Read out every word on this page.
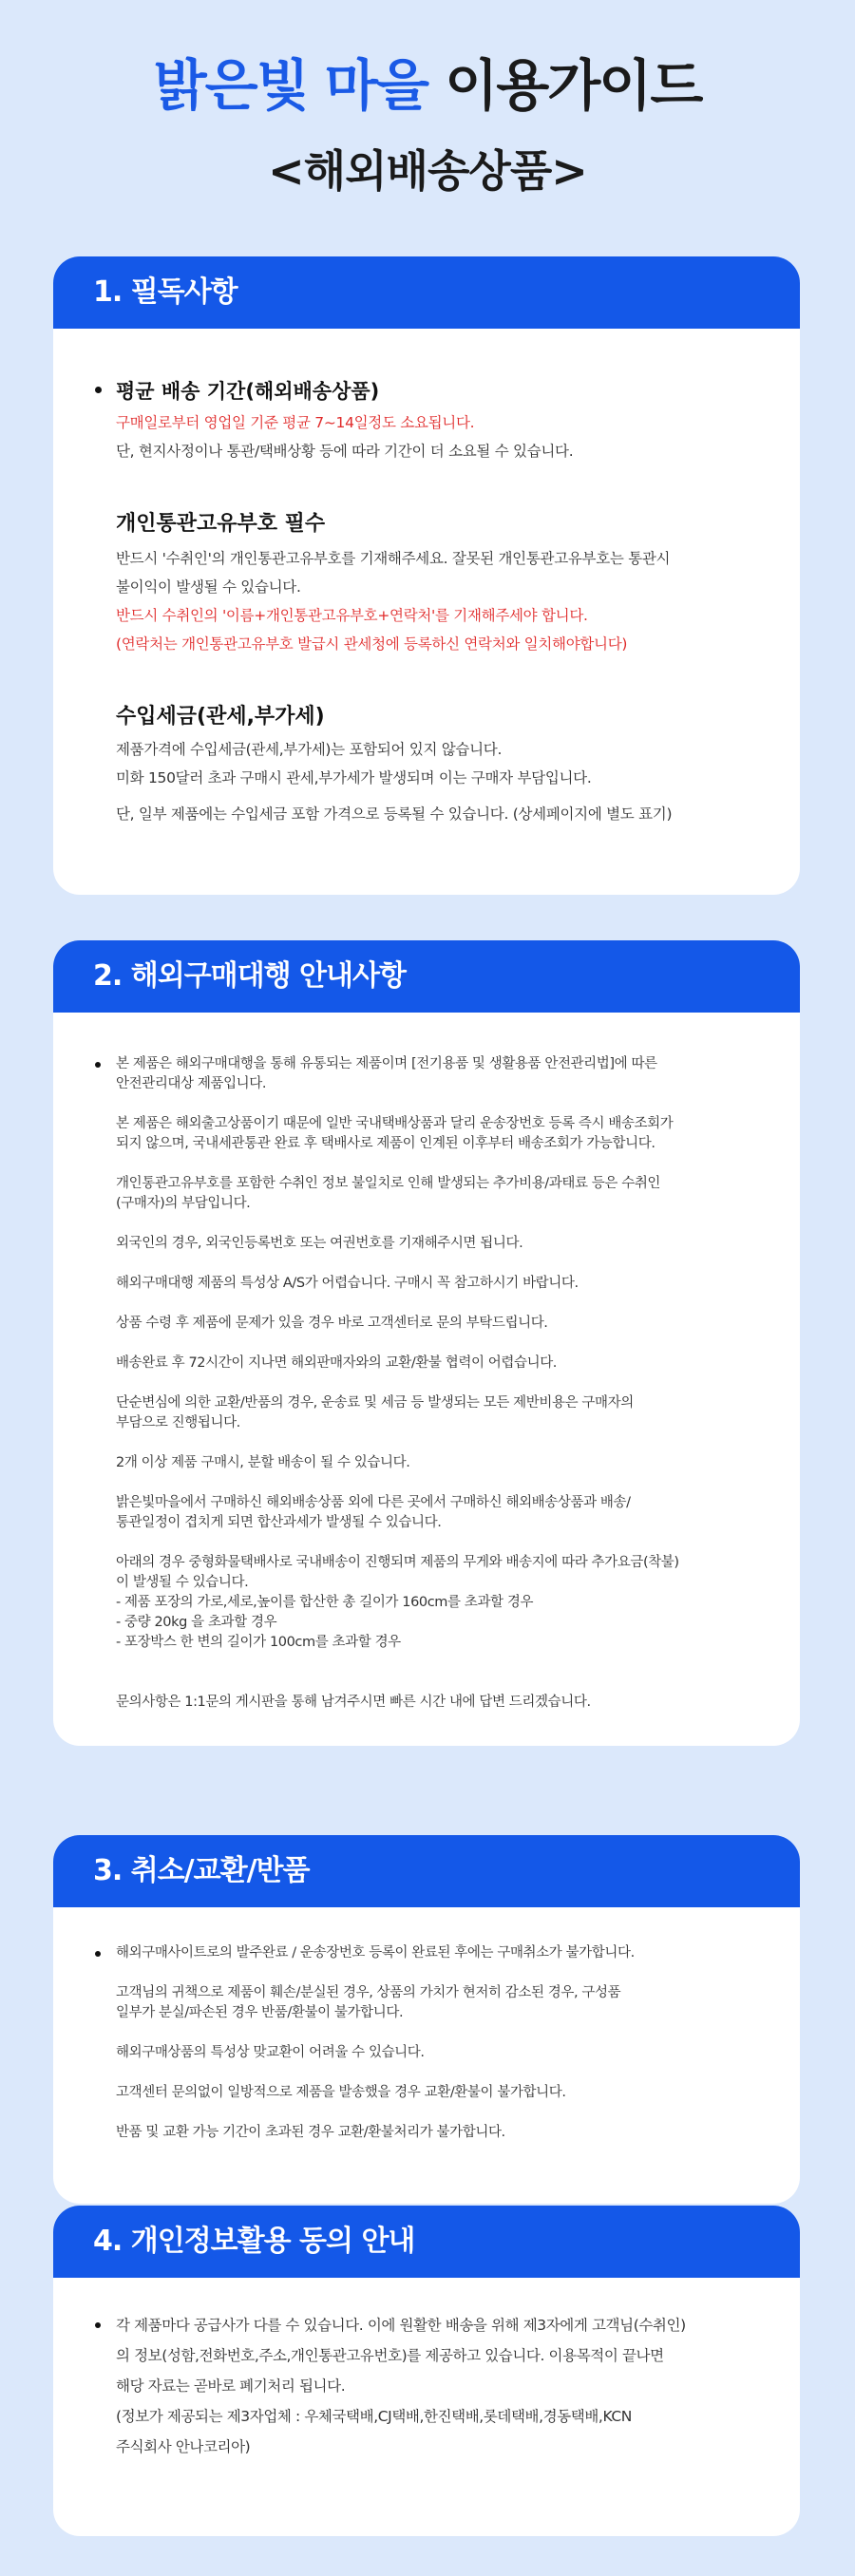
밝은빛 마을 이용가이드
<해외배송상품>
1. 필독사항
평균 배송 기간(해외배송상품)
구매일로부터 영업일 기준 평균 7~14일정도 소요됩니다.
단, 현지사정이나 통관/택배상황 등에 따라 기간이 더 소요될 수 있습니다.
개인통관고유부호 필수
반드시 '수취인'의 개인통관고유부호를 기재해주세요. 잘못된 개인통관고유부호는 통관시
불이익이 발생될 수 있습니다.
반드시 수취인의 '이름+개인통관고유부호+연락처'를 기재해주세야 합니다.
(연락처는 개인통관고유부호 발급시 관세청에 등록하신 연락처와 일치해야합니다)
수입세금(관세,부가세)
제품가격에 수입세금(관세,부가세)는 포함되어 있지 않습니다.
미화 150달러 초과 구매시 관세,부가세가 발생되며 이는 구매자 부담입니다.
단, 일부 제품에는 수입세금 포함 가격으로 등록될 수 있습니다. (상세페이지에 별도 표기)
2. 해외구매대행 안내사항
본 제품은 해외구매대행을 통해 유통되는 제품이며 [전기용품 및 생활용품 안전관리법]에 따른
안전관리대상 제품입니다.
본 제품은 해외출고상품이기 때문에 일반 국내택배상품과 달리 운송장번호 등록 즉시 배송조회가
되지 않으며, 국내세관통관 완료 후 택배사로 제품이 인계된 이후부터 배송조회가 가능합니다.
개인통관고유부호를 포함한 수취인 정보 불일치로 인해 발생되는 추가비용/과태료 등은 수취인
(구매자)의 부담입니다.
외국인의 경우, 외국인등록번호 또는 여권번호를 기재해주시면 됩니다.
해외구매대행 제품의 특성상 A/S가 어렵습니다. 구매시 꼭 참고하시기 바랍니다.
상품 수령 후 제품에 문제가 있을 경우 바로 고객센터로 문의 부탁드립니다.
배송완료 후 72시간이 지나면 해외판매자와의 교환/환불 협력이 어렵습니다.
단순변심에 의한 교환/반품의 경우, 운송료 및 세금 등 발생되는 모든 제반비용은 구매자의
부담으로 진행됩니다.
2개 이상 제품 구매시, 분할 배송이 될 수 있습니다.
밝은빛마을에서 구매하신 해외배송상품 외에 다른 곳에서 구매하신 해외배송상품과 배송/
통관일정이 겹치게 되면 합산과세가 발생될 수 있습니다.
아래의 경우 중형화물택배사로 국내배송이 진행되며 제품의 무게와 배송지에 따라 추가요금(착불)
이 발생될 수 있습니다.
- 제품 포장의 가로,세로,높이를 합산한 총 길이가 160cm를 초과할 경우
- 중량 20kg 을 초과할 경우
- 포장박스 한 변의 길이가 100cm를 초과할 경우
문의사항은 1:1문의 게시판을 통해 남겨주시면 빠른 시간 내에 답변 드리겠습니다.
3. 취소/교환/반품
해외구매사이트로의 발주완료 / 운송장번호 등록이 완료된 후에는 구매취소가 불가합니다.
고객님의 귀책으로 제품이 훼손/분실된 경우, 상품의 가치가 현저히 감소된 경우, 구성품
일부가 분실/파손된 경우 반품/환불이 불가합니다.
해외구매상품의 특성상 맞교환이 어려울 수 있습니다.
고객센터 문의없이 일방적으로 제품을 발송했을 경우 교환/환불이 불가합니다.
반품 및 교환 가능 기간이 초과된 경우 교환/환불처리가 불가합니다.
4. 개인정보활용 동의 안내
각 제품마다 공급사가 다를 수 있습니다. 이에 원활한 배송을 위해 제3자에게 고객님(수취인)
의 정보(성함,전화번호,주소,개인통관고유번호)를 제공하고 있습니다. 이용목적이 끝나면
해당 자료는 곧바로 폐기처리 됩니다.
(정보가 제공되는 제3자업체 : 우체국택배,CJ택배,한진택배,롯데택배,경동택배,KCN
주식회사 안나코리아)
